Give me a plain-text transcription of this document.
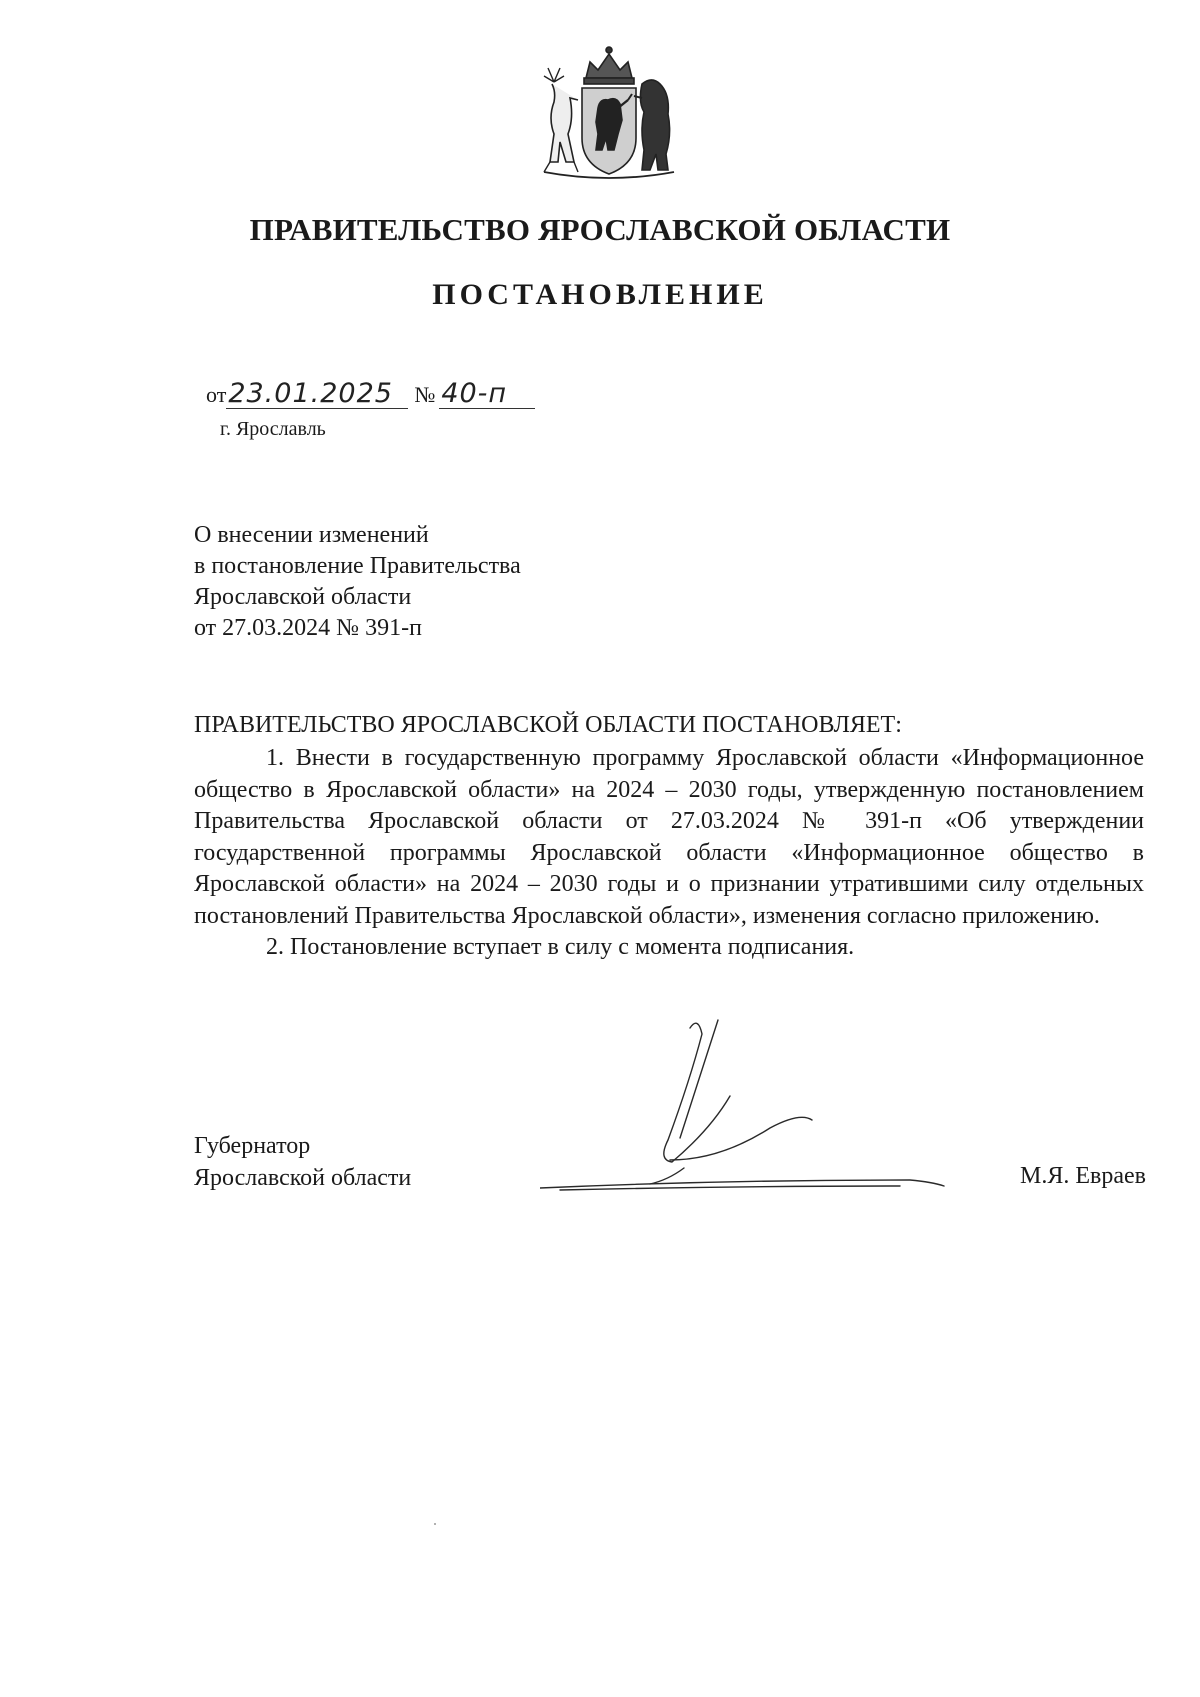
ПРАВИТЕЛЬСТВО ЯРОСЛАВСКОЙ ОБЛАСТИ
ПОСТАНОВЛЕНИЕ
от23.01.2025 № 40-п

г. Ярославль

О внесении изменений
в постановление Правительства
Ярославской области
от 27.03.2024 № 391-п

ПРАВИТЕЛЬСТВО ЯРОСЛАВСКОЙ ОБЛАСТИ ПОСТАНОВЛЯЕТ:

1. Внести в государственную программу Ярославской области «Информационное общество в Ярославской области» на 2024 – 2030 годы, утвержденную постановлением Правительства Ярославской области от 27.03.2024 № 391-п «Об утверждении государственной программы Ярославской области «Информационное общество в Ярославской области» на 2024 – 2030 годы и о признании утратившими силу отдельных постановлений Правительства Ярославской области», изменения согласно приложению.

2. Постановление вступает в силу с момента подписания.

Губернатор
Ярославской области	М.Я. Евраев
